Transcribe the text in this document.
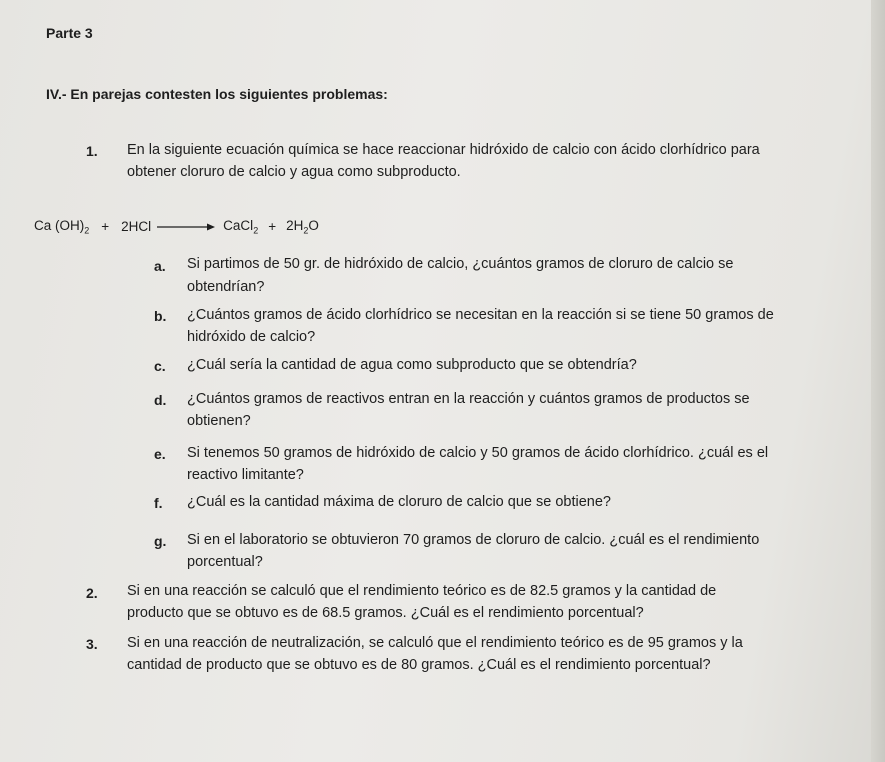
Parte 3
IV.- En parejas contesten los siguientes problemas:
1. En la siguiente ecuación química se hace reaccionar hidróxido de calcio con ácido clorhídrico para
obtener cloruro de calcio y agua como subproducto.
Ca $(OH)_2 + 2HCl$	CaCl$_2$ + $2H_2O$
a. Si partimos de 50 gr. de hidróxido de calcio, ¿cuántos gramos de cloruro de calcio se
obtendrían?
b. ¿Cuántos gramos de ácido clorhídrico se necesitan en la reacción si se tiene 50 gramos de
hidróxido de calcio?
c. ¿Cuál sería la cantidad de agua como subproducto que se obtendría?
d. ¿Cuántos gramos de reactivos entran en la reacción y cuántos gramos de productos se
obtienen?
e. Si tenemos 50 gramos de hidróxido de calcio y 50 gramos de ácido clorhídrico. ¿cuál es el
reactivo limitante?
f. ¿Cuál es la cantidad máxima de cloruro de calcio que se obtiene?
g. Si en el laboratorio se obtuvieron 70 gramos de cloruro de calcio. ¿cuál es el rendimiento
porcentual?
2. Si en una reacción se calculó que el rendimiento teórico es de 82.5 gramos y la cantidad de
producto que se obtuvo es de 68.5 gramos. ¿Cuál es el rendimiento porcentual?
3. Si en una reacción de neutralización, se calculó que el rendimiento teórico es de 95 gramos y la
cantidad de producto que se obtuvo es de 80 gramos. ¿Cuál es el rendimiento porcentual?
